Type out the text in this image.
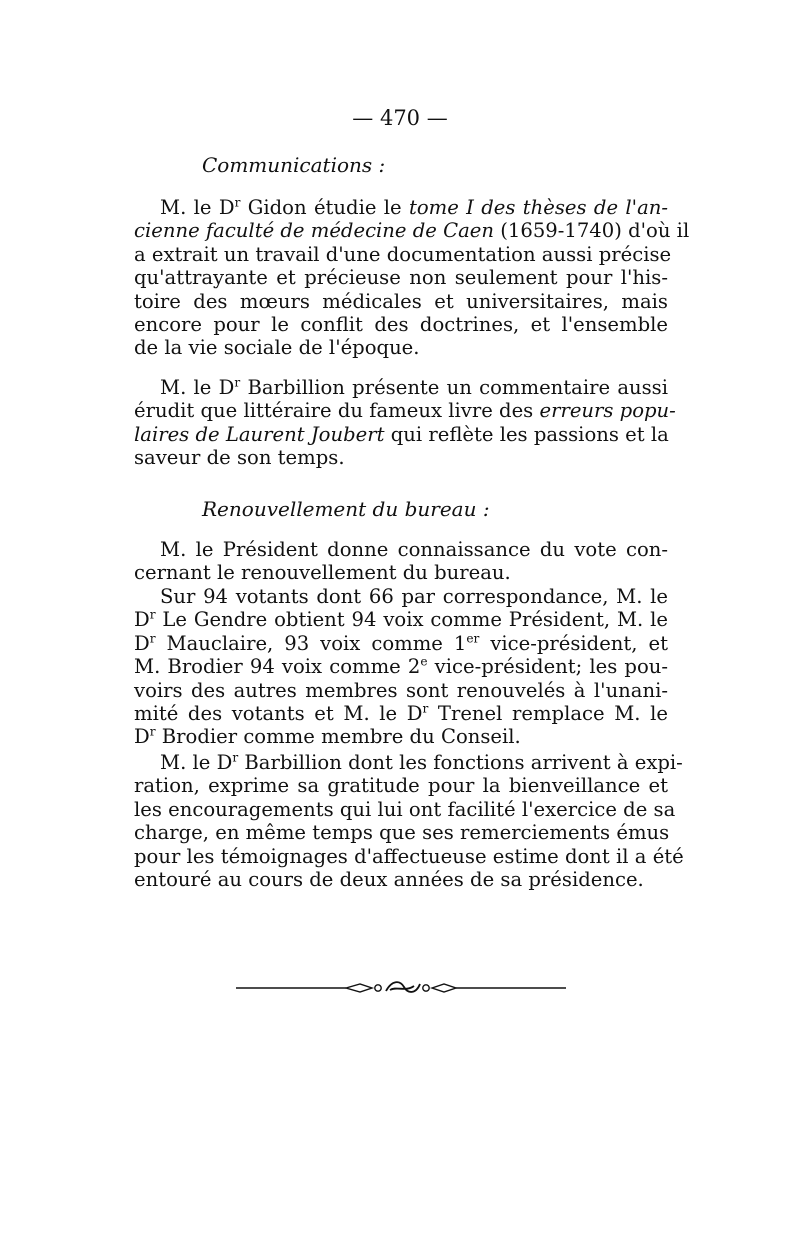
— 470 —
Communications :
M. le $D^r$ Gidon étudie le tome I des thèses de l'an-
cienne faculté de médecine de Caen (1659-1740) d'où il
a extrait un travail d'une documentation aussi précise
qu'attrayante et précieuse non seulement pour l'his-
toire des mœurs médicales et universitaires, mais
encore pour le conflit des doctrines, et l'ensemble
de la vie sociale de l'époque.
M. le $D^r$ Barbillion présente un commentaire aussi
érudit que littéraire du fameux livre des erreurs popu-
laires de Laurent Joubert qui reflète les passions et la
saveur de son temps.
Renouvellement du bureau :
M. le Président donne connaissance du vote con-
cernant le renouvellement du bureau.
Sur 94 votants dont 66 par correspondance, M. le
$D^r$ Le Gendre obtient 94 voix comme Président, M. le
$D^r$ Mauclaire, 93 voix comme 1er vice-président, et
M. Brodier 94 voix comme 2e vice-président; les pou-
voirs des autres membres sont renouvelés à l'unani-
mité des votants et M. le $D^r$ Trenel remplace M. le
$D^r$ Brodier comme membre du Conseil.
M. le $D^r$ Barbillion dont les fonctions arrivent à expi-
ration, exprime sa gratitude pour la bienveillance et
les encouragements qui lui ont facilité l'exercice de sa
charge, en même temps que ses remerciements émus
pour les témoignages d'affectueuse estime dont il a été
entouré au cours de deux années de sa présidence.
